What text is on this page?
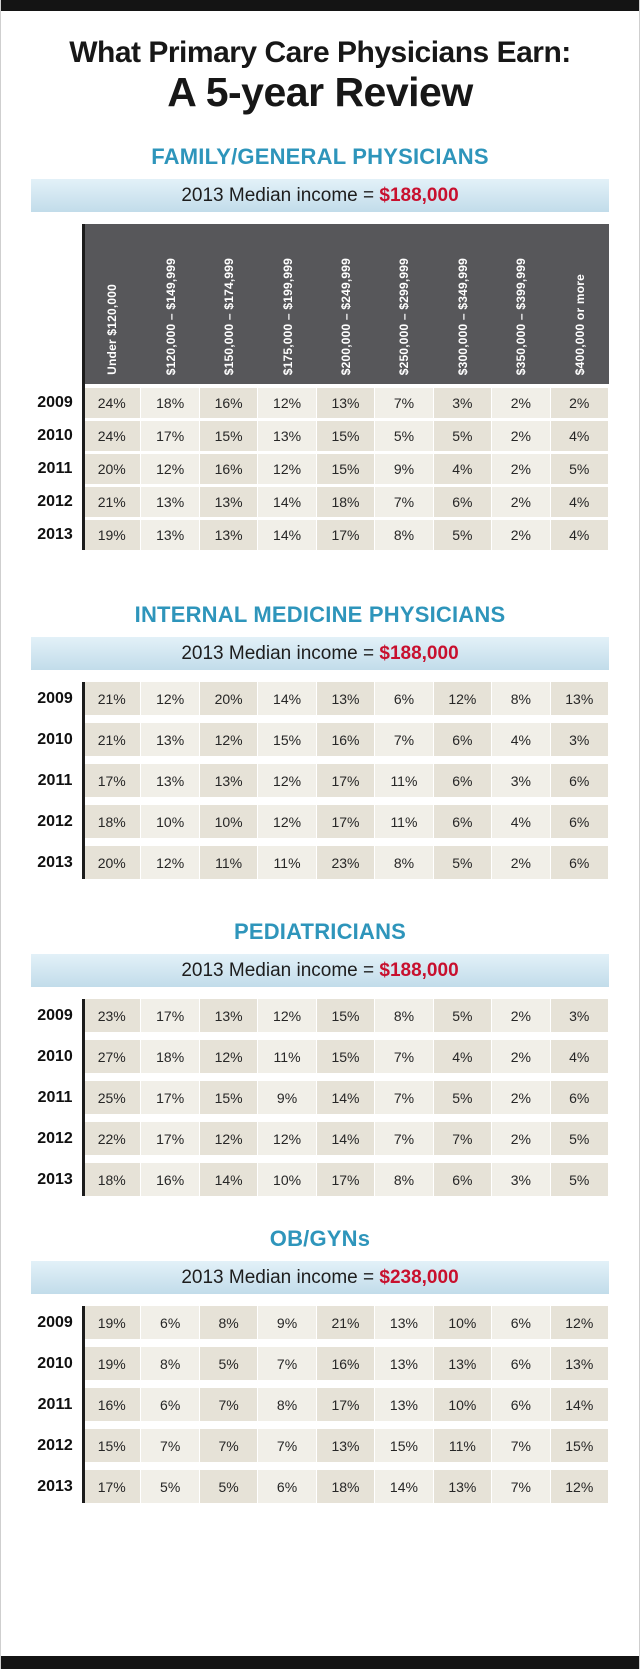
What Primary Care Physicians Earn:
A 5-year Review
FAMILY/GENERAL PHYSICIANS
2013 Median income = $188,000
Under $120,000	$120,000 – $149,999	$150,000 – $174,999	$175,000 – $199,999	$200,000 – $249,999	$250,000 – $299,999	$300,000 – $349,999	$350,000 – $399,999	$400,000 or more
2009	24%	18%	16%	12%	13%	7%	3%	2%	2%
2010	24%	17%	15%	13%	15%	5%	5%	2%	4%
2011	20%	12%	16%	12%	15%	9%	4%	2%	5%
2012	21%	13%	13%	14%	18%	7%	6%	2%	4%
2013	19%	13%	13%	14%	17%	8%	5%	2%	4%
INTERNAL MEDICINE PHYSICIANS
2013 Median income = $188,000
2009	21%	12%	20%	14%	13%	6%	12%	8%	13%
2010	21%	13%	12%	15%	16%	7%	6%	4%	3%
2011	17%	13%	13%	12%	17%	11%	6%	3%	6%
2012	18%	10%	10%	12%	17%	11%	6%	4%	6%
2013	20%	12%	11%	11%	23%	8%	5%	2%	6%
PEDIATRICIANS
2013 Median income = $188,000
2009	23%	17%	13%	12%	15%	8%	5%	2%	3%
2010	27%	18%	12%	11%	15%	7%	4%	2%	4%
2011	25%	17%	15%	9%	14%	7%	5%	2%	6%
2012	22%	17%	12%	12%	14%	7%	7%	2%	5%
2013	18%	16%	14%	10%	17%	8%	6%	3%	5%
OB/GYNs
2013 Median income = $238,000
2009	19%	6%	8%	9%	21%	13%	10%	6%	12%
2010	19%	8%	5%	7%	16%	13%	13%	6%	13%
2011	16%	6%	7%	8%	17%	13%	10%	6%	14%
2012	15%	7%	7%	7%	13%	15%	11%	7%	15%
2013	17%	5%	5%	6%	18%	14%	13%	7%	12%
